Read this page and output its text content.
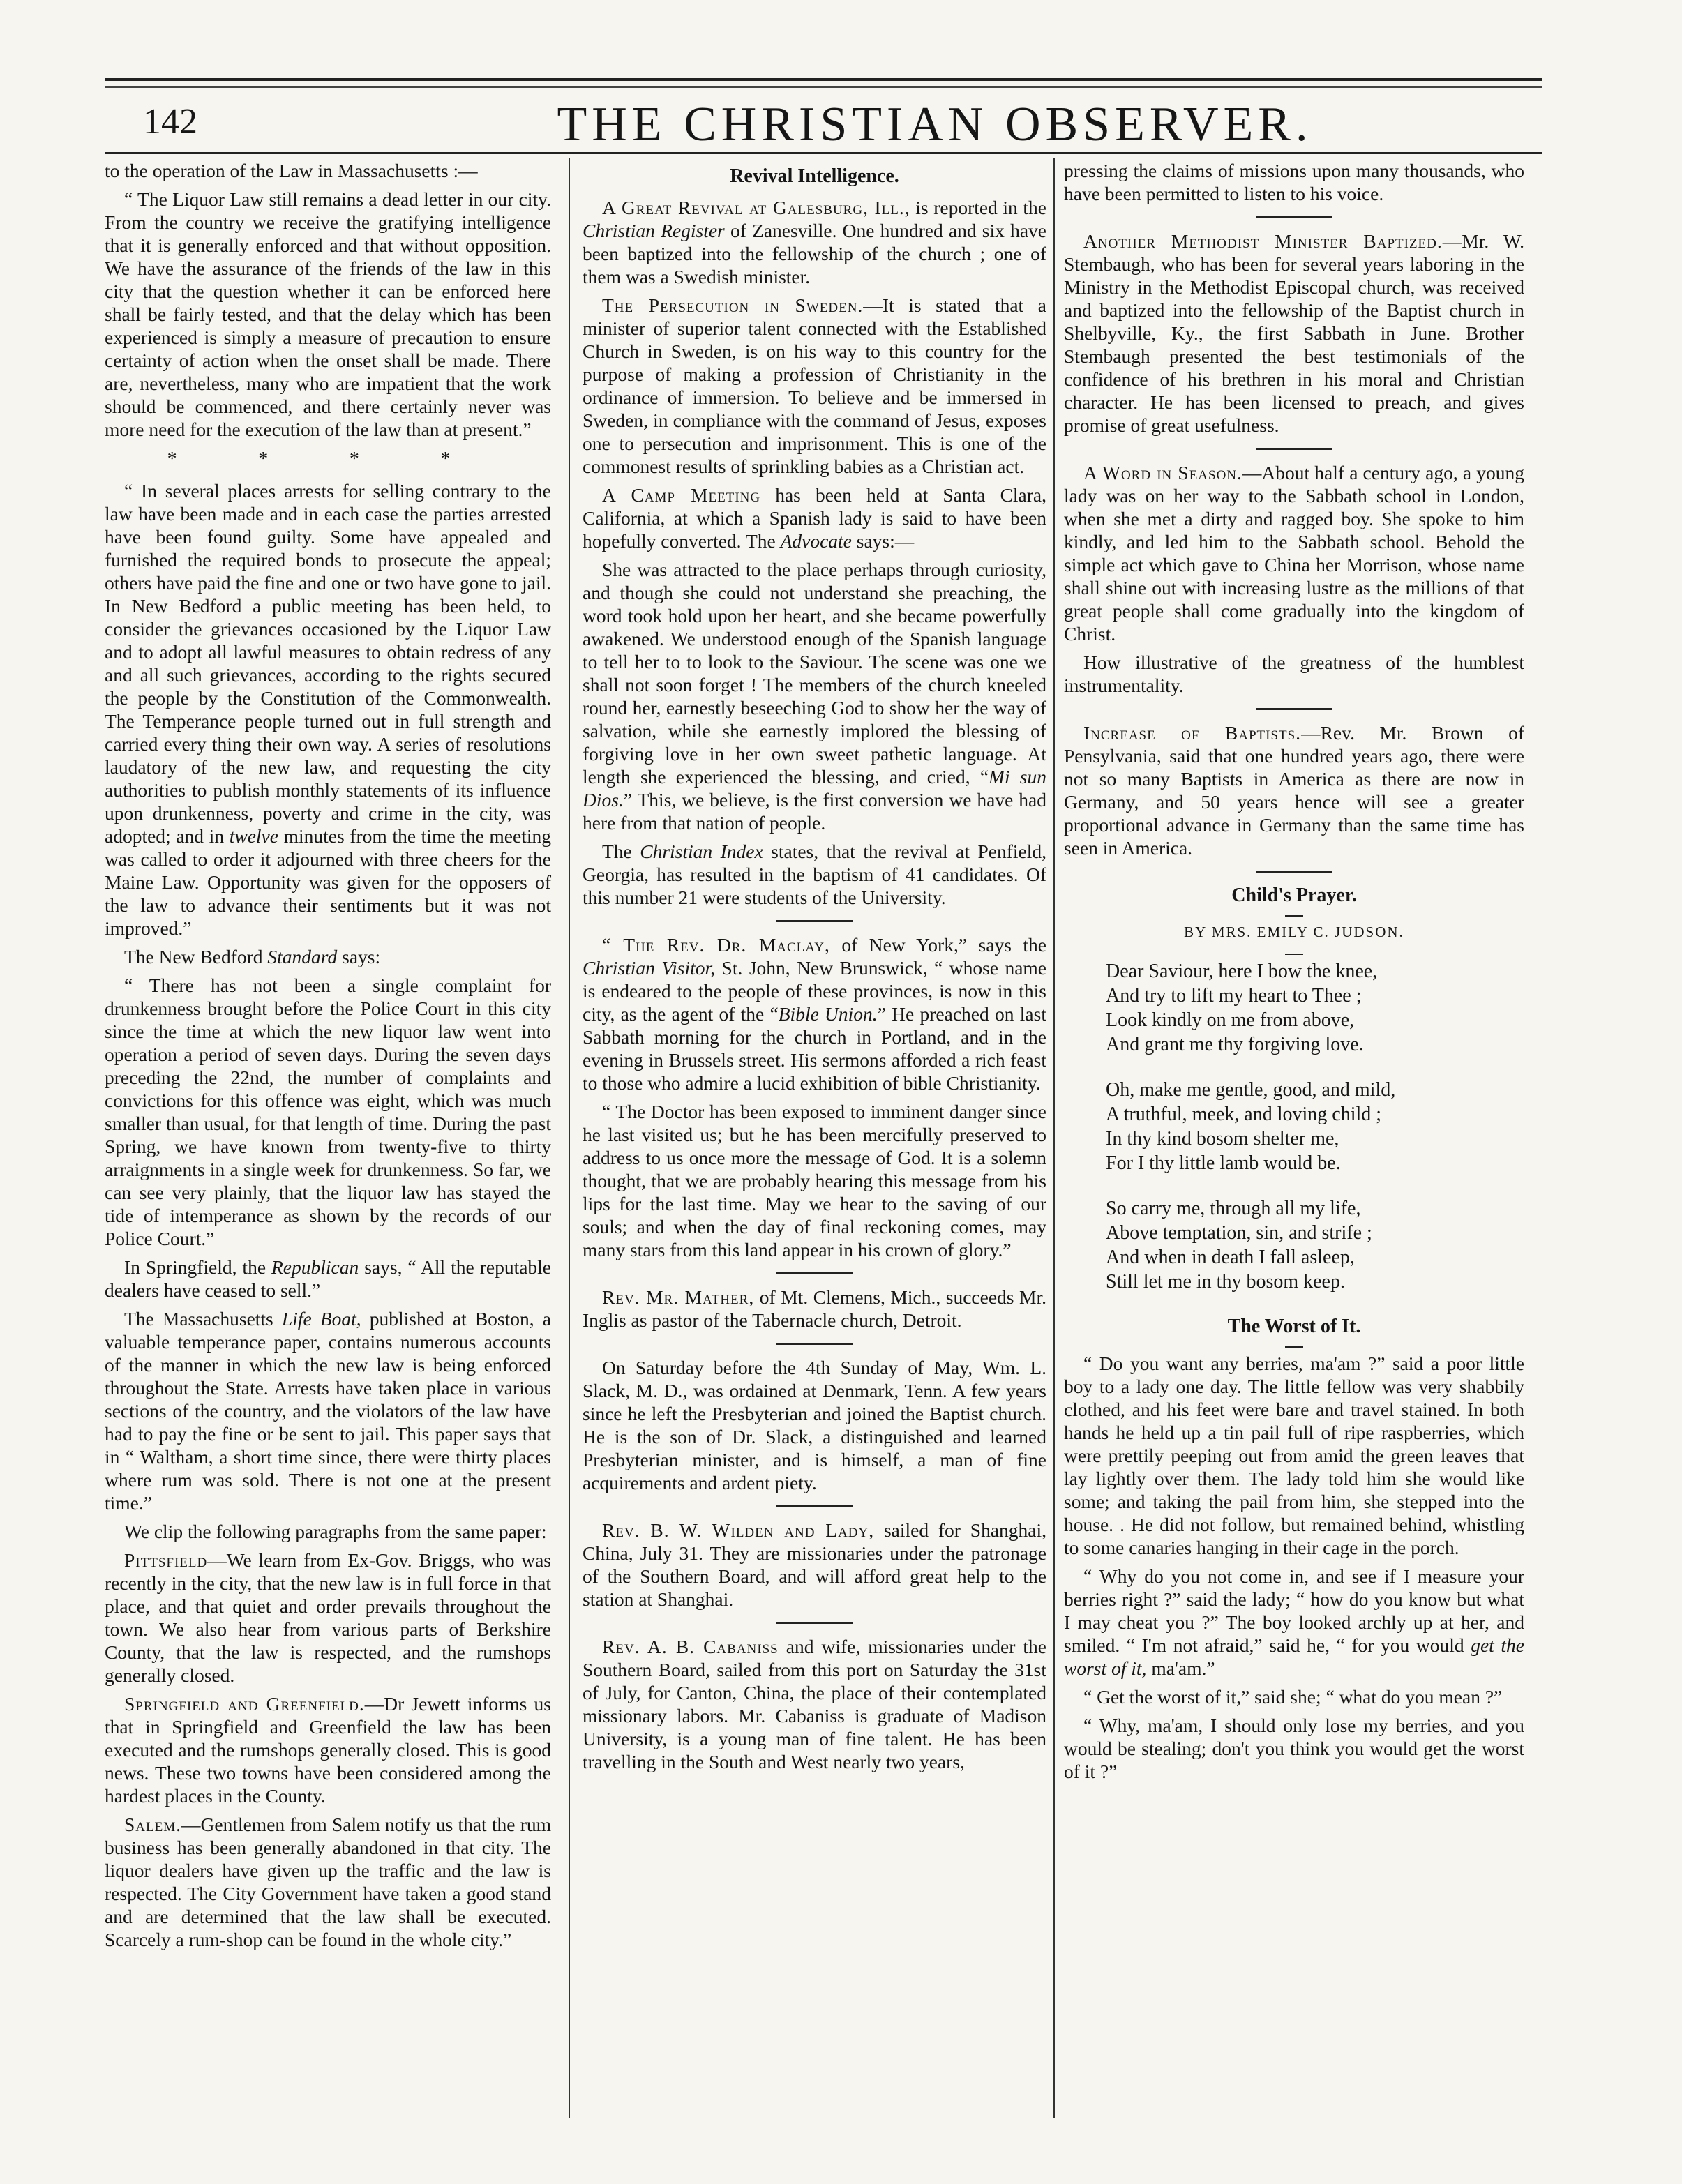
142	THE CHRISTIAN OBSERVER.

to the operation of the Law in Massachusetts :—

“ The Liquor Law still remains a dead letter in our city. From the country we receive the gratifying intelligence that it is generally enforced and that without opposition. We have the assurance of the friends of the law in this city that the question whether it can be enforced here shall be fairly tested, and that the delay which has been experienced is simply a measure of precaution to ensure certainty of action when the onset shall be made. There are, nevertheless, many who are impatient that the work should be commenced, and there certainly never was more need for the execution of the law than at present.”

* * * *

“ In several places arrests for selling contrary to the law have been made and in each case the parties arrested have been found guilty. Some have appealed and furnished the required bonds to prosecute the appeal; others have paid the fine and one or two have gone to jail. In New Bedford a public meeting has been held, to consider the grievances occasioned by the Liquor Law and to adopt all lawful measures to obtain redress of any and all such grievances, according to the rights secured the people by the Constitution of the Commonwealth. The Temperance people turned out in full strength and carried every thing their own way. A series of resolutions laudatory of the new law, and requesting the city authorities to publish monthly statements of its influence upon drunkenness, poverty and crime in the city, was adopted; and in twelve minutes from the time the meeting was called to order it adjourned with three cheers for the Maine Law. Opportunity was given for the opposers of the law to advance their sentiments but it was not improved.”

The New Bedford Standard says:

“ There has not been a single complaint for drunkenness brought before the Police Court in this city since the time at which the new liquor law went into operation a period of seven days. During the seven days preceding the 22nd, the number of complaints and convictions for this offence was eight, which was much smaller than usual, for that length of time. During the past Spring, we have known from twenty-five to thirty arraignments in a single week for drunkenness. So far, we can see very plainly, that the liquor law has stayed the tide of intemperance as shown by the records of our Police Court.”

In Springfield, the Republican says, “ All the reputable dealers have ceased to sell.”

The Massachusetts Life Boat, published at Boston, a valuable temperance paper, contains numerous accounts of the manner in which the new law is being enforced throughout the State. Arrests have taken place in various sections of the country, and the violators of the law have had to pay the fine or be sent to jail. This paper says that in “ Waltham, a short time since, there were thirty places where rum was sold. There is not one at the present time.”

We clip the following paragraphs from the same paper:

Pittsfield—We learn from Ex-Gov. Briggs, who was recently in the city, that the new law is in full force in that place, and that quiet and order prevails throughout the town. We also hear from various parts of Berkshire County, that the law is respected, and the rumshops generally closed.

Springfield and Greenfield.—Dr Jewett informs us that in Springfield and Greenfield the law has been executed and the rumshops generally closed. This is good news. These two towns have been considered among the hardest places in the County.

Salem.—Gentlemen from Salem notify us that the rum business has been generally abandoned in that city. The liquor dealers have given up the traffic and the law is respected. The City Government have taken a good stand and are determined that the law shall be executed. Scarcely a rum-shop can be found in the whole city.”

Revival Intelligence.

A Great Revival at Galesburg, Ill., is reported in the Christian Register of Zanesville. One hundred and six have been baptized into the fellowship of the church ; one of them was a Swedish minister.

The Persecution in Sweden.—It is stated that a minister of superior talent connected with the Established Church in Sweden, is on his way to this country for the purpose of making a profession of Christianity in the ordinance of immersion. To believe and be immersed in Sweden, in compliance with the command of Jesus, exposes one to persecution and imprisonment. This is one of the commonest results of sprinkling babies as a Christian act.

A Camp Meeting has been held at Santa Clara, California, at which a Spanish lady is said to have been hopefully converted. The Advocate says:—

She was attracted to the place perhaps through curiosity, and though she could not understand she preaching, the word took hold upon her heart, and she became powerfully awakened. We understood enough of the Spanish language to tell her to to look to the Saviour. The scene was one we shall not soon forget ! The members of the church kneeled round her, earnestly beseeching God to show her the way of salvation, while she earnestly implored the blessing of forgiving love in her own sweet pathetic language. At length she experienced the blessing, and cried, “Mi sun Dios.” This, we believe, is the first conversion we have had here from that nation of people.

The Christian Index states, that the revival at Penfield, Georgia, has resulted in the baptism of 41 candidates. Of this number 21 were students of the University.

“ The Rev. Dr. Maclay, of New York,” says the Christian Visitor, St. John, New Brunswick, “ whose name is endeared to the people of these provinces, is now in this city, as the agent of the “Bible Union.” He preached on last Sabbath morning for the church in Portland, and in the evening in Brussels street. His sermons afforded a rich feast to those who admire a lucid exhibition of bible Christianity.

“ The Doctor has been exposed to imminent danger since he last visited us; but he has been mercifully preserved to address to us once more the message of God. It is a solemn thought, that we are probably hearing this message from his lips for the last time. May we hear to the saving of our souls; and when the day of final reckoning comes, may many stars from this land appear in his crown of glory.”

Rev. Mr. Mather, of Mt. Clemens, Mich., succeeds Mr. Inglis as pastor of the Tabernacle church, Detroit.

On Saturday before the 4th Sunday of May, Wm. L. Slack, M. D., was ordained at Denmark, Tenn. A few years since he left the Presbyterian and joined the Baptist church. He is the son of Dr. Slack, a distinguished and learned Presbyterian minister, and is himself, a man of fine acquirements and ardent piety.

Rev. B. W. Wilden and Lady, sailed for Shanghai, China, July 31. They are missionaries under the patronage of the Southern Board, and will afford great help to the station at Shanghai.

Rev. A. B. Cabaniss and wife, missionaries under the Southern Board, sailed from this port on Saturday the 31st of July, for Canton, China, the place of their contemplated missionary labors. Mr. Cabaniss is graduate of Madison University, is a young man of fine talent. He has been travelling in the South and West nearly two years,

pressing the claims of missions upon many thousands, who have been permitted to listen to his voice.

Another Methodist Minister Baptized.—Mr. W. Stembaugh, who has been for several years laboring in the Ministry in the Methodist Episcopal church, was received and baptized into the fellowship of the Baptist church in Shelbyville, Ky., the first Sabbath in June. Brother Stembaugh presented the best testimonials of the confidence of his brethren in his moral and Christian character. He has been licensed to preach, and gives promise of great usefulness.

A Word in Season.—About half a century ago, a young lady was on her way to the Sabbath school in London, when she met a dirty and ragged boy. She spoke to him kindly, and led him to the Sabbath school. Behold the simple act which gave to China her Morrison, whose name shall shine out with increasing lustre as the millions of that great people shall come gradually into the kingdom of Christ.

How illustrative of the greatness of the humblest instrumentality.

Increase of Baptists.—Rev. Mr. Brown of Pensylvania, said that one hundred years ago, there were not so many Baptists in America as there are now in Germany, and 50 years hence will see a greater proportional advance in Germany than the same time has seen in America.

Child's Prayer.
BY MRS. EMILY C. JUDSON.
Dear Saviour, here I bow the knee,
And try to lift my heart to Thee ;
Look kindly on me from above,
And grant me thy forgiving love.
Oh, make me gentle, good, and mild,
A truthful, meek, and loving child ;
In thy kind bosom shelter me,
For I thy little lamb would be.
So carry me, through all my life,
Above temptation, sin, and strife ;
And when in death I fall asleep,
Still let me in thy bosom keep.
The Worst of It.

“ Do you want any berries, ma'am ?” said a poor little boy to a lady one day. The little fellow was very shabbily clothed, and his feet were bare and travel stained. In both hands he held up a tin pail full of ripe raspberries, which were prettily peeping out from amid the green leaves that lay lightly over them. The lady told him she would like some; and taking the pail from him, she stepped into the house. . He did not follow, but remained behind, whistling to some canaries hanging in their cage in the porch.

“ Why do you not come in, and see if I measure your berries right ?” said the lady; “ how do you know but what I may cheat you ?” The boy looked archly up at her, and smiled. “ I'm not afraid,” said he, “ for you would get the worst of it, ma'am.”

“ Get the worst of it,” said she; “ what do you mean ?”

“ Why, ma'am, I should only lose my berries, and you would be stealing; don't you think you would get the worst of it ?”
